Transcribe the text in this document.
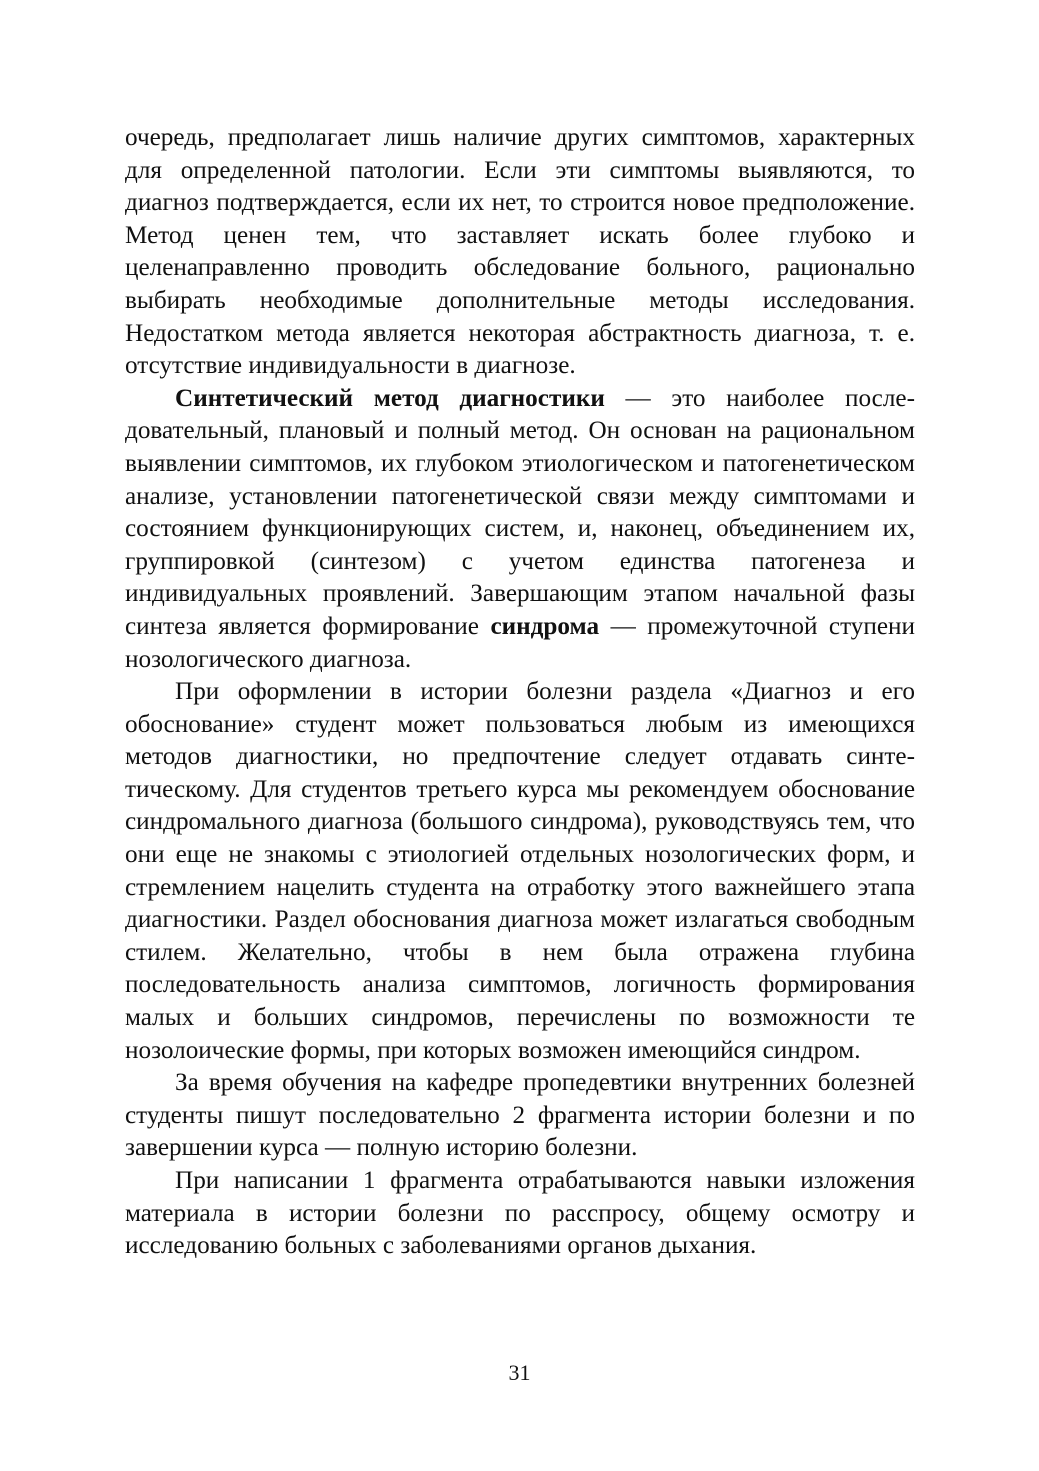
очередь, предполагает лишь наличие других симптомов, характерных для определенной патологии. Если эти симптомы выявляются, то диагноз подтверждается, если их нет, то строится новое предположение. Метод ценен тем, что заставляет искать более глубоко и целенаправленно проводить обследование больного, рационально выбирать необходимые дополнительные методы исследования. Недостатком метода является некоторая абстрактность диагноза, т. е. отсутствие индивидуальности в диагнозе.

Синтетический метод диагностики — это наиболее последовательный, плановый и полный метод. Он основан на рациональном выявлении симптомов, их глубоком этиологическом и патогенетическом анализе, установлении патогенетической связи между симптомами и состоянием функционирующих систем, и, наконец, объединением их, группировкой (синтезом) с учетом единства патогенеза и индивидуальных проявлений. Завершающим этапом начальной фазы синтеза является формирование синдрома — промежуточной ступени нозологического диагноза.

При оформлении в истории болезни раздела «Диагноз и его обоснование» студент может пользоваться любым из имеющихся методов диагностики, но предпочтение следует отдавать синтетическому. Для студентов третьего курса мы рекомендуем обоснование синдромального диагноза (большого синдрома), руководствуясь тем, что они еще не знакомы с этиологией отдельных нозологических форм, и стремлением нацелить студента на отработку этого важнейшего этапа диагностики. Раздел обоснования диагноза может излагаться свободным стилем. Желательно, чтобы в нем была отражена глубина последовательность анализа симптомов, логичность формирования малых и больших синдромов, перечислены по возможности те нозолоические формы, при которых возможен имеющийся синдром.

За время обучения на кафедре пропедевтики внутренних болезней студенты пишут последовательно 2 фрагмента истории болезни и по завершении курса — полную историю болезни.

При написании 1 фрагмента отрабатываются навыки изложения материала в истории болезни по расспросу, общему осмотру и исследованию больных с заболеваниями органов дыхания.

31
